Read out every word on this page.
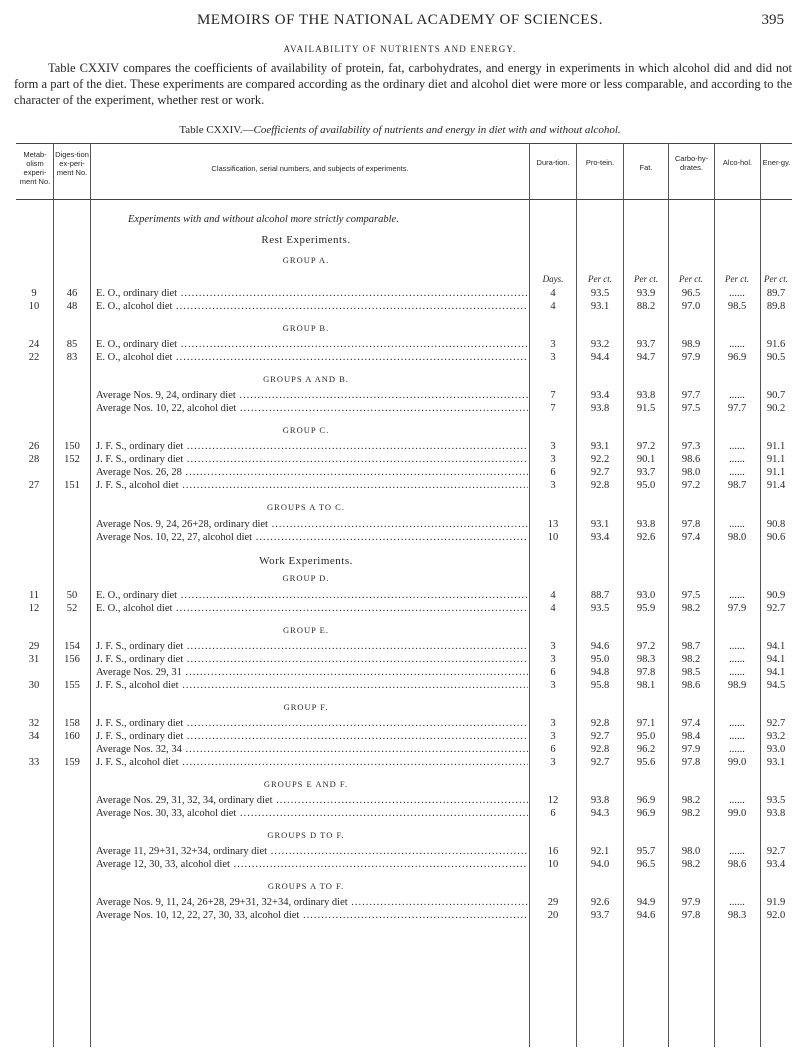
MEMOIRS OF THE NATIONAL ACADEMY OF SCIENCES.	395
AVAILABILITY OF NUTRIENTS AND ENERGY.
Table CXXIV compares the coefficients of availability of protein, fat, carbohydrates, and energy in experiments in which alcohol did and did not form a part of the diet. These experiments are compared according as the ordinary diet and alcohol diet were more or less comparable, and according to the character of the experiment, whether rest or work.
Table CXXIV.—Coefficients of availability of nutrients and energy in diet with and without alcohol.
Metab-olism experi-ment No.
Diges-tion ex-peri-ment No.	Classification, serial numbers, and subjects of experiments.
Dura-tion.	Pro-tein.
Fat.
Carbo-hy-drates.
Alco-hol.	Ener-gy.
Days.	Per ct.	Per ct.	Per ct.	Per ct.	Per ct.
Experiments with and without alcohol more strictly comparable.
Rest Experiments.
GROUP A.
9	46	E. O., ordinary diet .....	4	93.5	93.9	96.5	......	89.7
10	48	E. O., alcohol diet .....	4	93.1	88.2	97.0	98.5	89.8
GROUP B.
24	85	E. O., ordinary diet .....	3	93.2	93.7	98.9	......	91.6
22	83	E. O., alcohol diet .....	3	94.4	94.7	97.9	96.9	90.5
GROUPS A AND B.
Average Nos. 9, 24, ordinary diet .....	7	93.4	93.8	97.7	......	90.7
Average Nos. 10, 22, alcohol diet .....	7	93.8	91.5	97.5	97.7	90.2
GROUP C.
26	150	J. F. S., ordinary diet .....	3	93.1	97.2	97.3	......	91.1
28	152	J. F. S., ordinary diet .....	3	92.2	90.1	98.6	......	91.1
Average Nos. 26, 28 .....	6	92.7	93.7	98.0	......	91.1
27	151	J. F. S., alcohol diet .....	3	92.8	95.0	97.2	98.7	91.4
GROUPS A TO C.
Average Nos. 9, 24, 26+28, ordinary diet .....	13	93.1	93.8	97.8	......	90.8
Average Nos. 10, 22, 27, alcohol diet .....	10	93.4	92.6	97.4	98.0	90.6
Work Experiments.
GROUP D.
11	50	E. O., ordinary diet .....	4	88.7	93.0	97.5	......	90.9
12	52	E. O., alcohol diet .....	4	93.5	95.9	98.2	97.9	92.7
GROUP E.
29	154	J. F. S., ordinary diet .....	3	94.6	97.2	98.7	......	94.1
31	156	J. F. S., ordinary diet .....	3	95.0	98.3	98.2	......	94.1
Average Nos. 29, 31 .....	6	94.8	97.8	98.5	......	94.1
30	155	J. F. S., alcohol diet .....	3	95.8	98.1	98.6	98.9	94.5
GROUP F.
32	158	J. F. S., ordinary diet .....	3	92.8	97.1	97.4	......	92.7
34	160	J. F. S., ordinary diet .....	3	92.7	95.0	98.4	......	93.2
Average Nos. 32, 34 .....	6	92.8	96.2	97.9	......	93.0
33	159	J. F. S., alcohol diet .....	3	92.7	95.6	97.8	99.0	93.1
GROUPS E AND F.
Average Nos. 29, 31, 32, 34, ordinary diet .....	12	93.8	96.9	98.2	......	93.5
Average Nos. 30, 33, alcohol diet .....	6	94.3	96.9	98.2	99.0	93.8
GROUPS D TO F.
Average 11, 29+31, 32+34, ordinary diet .....	16	92.1	95.7	98.0	......	92.7
Average 12, 30, 33, alcohol diet .....	10	94.0	96.5	98.2	98.6	93.4
GROUPS A TO F.
Average Nos. 9, 11, 24, 26+28, 29+31, 32+34, ordinary diet .....	29	92.6	94.9	97.9	......	91.9
Average Nos. 10, 12, 22, 27, 30, 33, alcohol diet .....	20	93.7	94.6	97.8	98.3	92.0
